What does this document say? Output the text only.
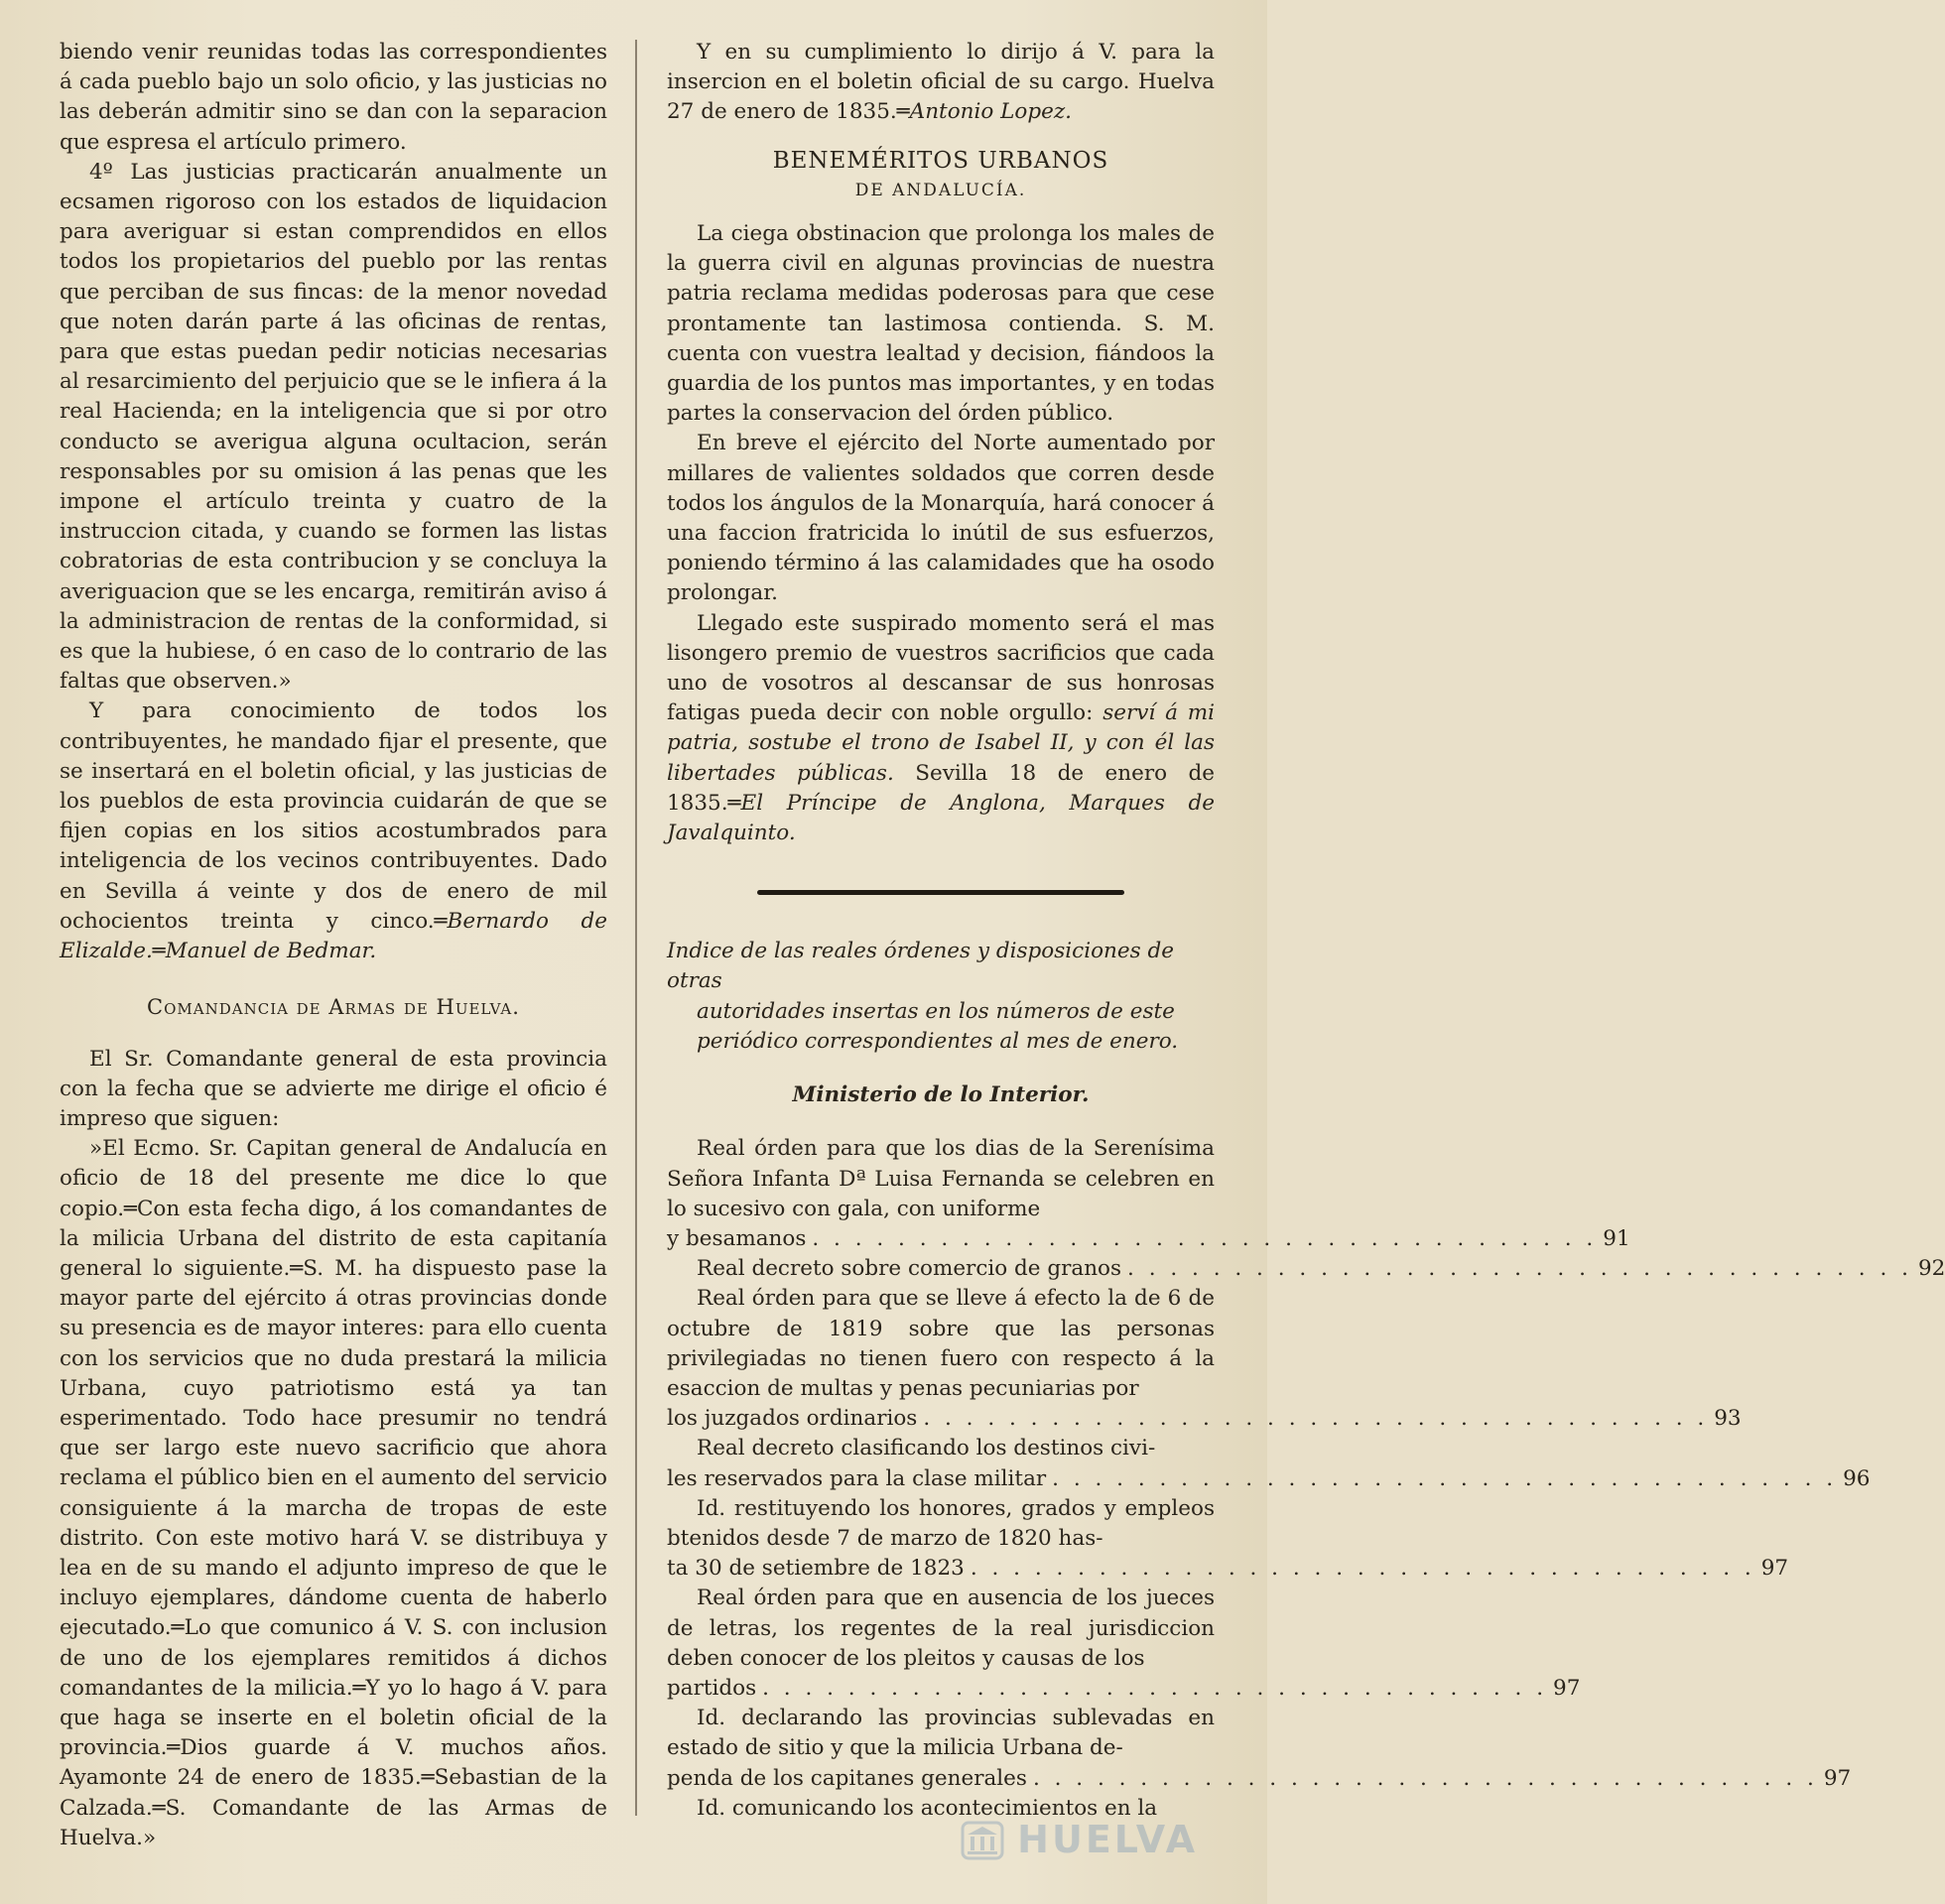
biendo venir reunidas todas las correspondientes á cada pueblo bajo un solo oficio, y las justicias no las deberán admitir sino se dan con la separacion que espresa el artículo primero.

4º Las justicias practicarán anualmente un ecsamen rigoroso con los estados de liquidacion para averiguar si estan comprendidos en ellos todos los propietarios del pueblo por las rentas que perciban de sus fincas: de la menor novedad que noten darán parte á las oficinas de rentas, para que estas puedan pedir noticias necesarias al resarcimiento del perjuicio que se le infiera á la real Hacienda; en la inteligencia que si por otro conducto se averigua alguna ocultacion, serán responsables por su omision á las penas que les impone el artículo treinta y cuatro de la instruccion citada, y cuando se formen las listas cobratorias de esta contribucion y se concluya la averiguacion que se les encarga, remitirán aviso á la administracion de rentas de la conformidad, si es que la hubiese, ó en caso de lo contrario de las faltas que observen.»

Y para conocimiento de todos los contribuyentes, he mandado fijar el presente, que se insertará en el boletin oficial, y las justicias de los pueblos de esta provincia cuidarán de que se fijen copias en los sitios acostumbrados para inteligencia de los vecinos contribuyentes. Dado en Sevilla á veinte y dos de enero de mil ochocientos treinta y cinco.═Bernardo de Elizalde.═Manuel de Bedmar.

Comandancia de Armas de Huelva.

El Sr. Comandante general de esta provincia con la fecha que se advierte me dirige el oficio é impreso que siguen:

»El Ecmo. Sr. Capitan general de Andalucía en oficio de 18 del presente me dice lo que copio.═Con esta fecha digo, á los comandantes de la milicia Urbana del distrito de esta capitanía general lo siguiente.═S. M. ha dispuesto pase la mayor parte del ejército á otras provincias donde su presencia es de mayor interes: para ello cuenta con los servicios que no duda prestará la milicia Urbana, cuyo patriotismo está ya tan esperimentado. Todo hace presumir no tendrá que ser largo este nuevo sacrificio que ahora reclama el público bien en el aumento del servicio consiguiente á la marcha de tropas de este distrito. Con este motivo hará V. se distribuya y lea en de su mando el adjunto impreso de que le incluyo ejemplares, dándome cuenta de haberlo ejecutado.═Lo que comunico á V. S. con inclusion de uno de los ejemplares remitidos á dichos comandantes de la milicia.═Y yo lo hago á V. para que haga se inserte en el boletin oficial de la provincia.═Dios guarde á V. muchos años. Ayamonte 24 de enero de 1835.═Sebastian de la Calzada.═S. Comandante de las Armas de Huelva.»

Y en su cumplimiento lo dirijo á V. para la insercion en el boletin oficial de su cargo. Huelva 27 de enero de 1835.═Antonio Lopez.

BENEMÉRITOS URBANOS

DE ANDALUCÍA.

La ciega obstinacion que prolonga los males de la guerra civil en algunas provincias de nuestra patria reclama medidas poderosas para que cese prontamente tan lastimosa contienda. S. M. cuenta con vuestra lealtad y decision, fiándoos la guardia de los puntos mas importantes, y en todas partes la conservacion del órden público.

En breve el ejército del Norte aumentado por millares de valientes soldados que corren desde todos los ángulos de la Monarquía, hará conocer á una faccion fratricida lo inútil de sus esfuerzos, poniendo término á las calamidades que ha osodo prolongar.

Llegado este suspirado momento será el mas lisongero premio de vuestros sacrificios que cada uno de vosotros al descansar de sus honrosas fatigas pueda decir con noble orgullo: serví á mi patria, sostube el trono de Isabel II, y con él las libertades públicas. Sevilla 18 de enero de 1835.═El Príncipe de Anglona, Marques de Javalquinto.

Indice de las reales órdenes y disposiciones de otras
autoridades insertas en los números de este periódico correspondientes al mes de enero.

Ministerio de lo Interior.

Real órden para que los dias de la Serenísima Señora Infanta Dª Luisa Fernanda se celebren en lo sucesivo con gala, con uniforme

y besamanos . . . . . . . . . . . . . . . . . . . . . . . . . . . . . . . . . . . . . 91

Real decreto sobre comercio de granos . . . . . . . . . . . . . . . . . . . . . . . . . . . . . . . . . . . . . 92

Real órden para que se lleve á efecto la de 6 de octubre de 1819 sobre que las personas privilegiadas no tienen fuero con respecto á la esaccion de multas y penas pecuniarias por

los juzgados ordinarios . . . . . . . . . . . . . . . . . . . . . . . . . . . . . . . . . . . . . 93

Real decreto clasificando los destinos civi-

les reservados para la clase militar . . . . . . . . . . . . . . . . . . . . . . . . . . . . . . . . . . . . . 96

Id. restituyendo los honores, grados y empleos btenidos desde 7 de marzo de 1820 has-

ta 30 de setiembre de 1823 . . . . . . . . . . . . . . . . . . . . . . . . . . . . . . . . . . . . . 97

Real órden para que en ausencia de los jueces de letras, los regentes de la real jurisdiccion deben conocer de los pleitos y causas de los

partidos . . . . . . . . . . . . . . . . . . . . . . . . . . . . . . . . . . . . . 97

Id. declarando las provincias sublevadas en estado de sitio y que la milicia Urbana de-

penda de los capitanes generales . . . . . . . . . . . . . . . . . . . . . . . . . . . . . . . . . . . . . 97

Id. comunicando los acontecimientos en la

HUELVA
